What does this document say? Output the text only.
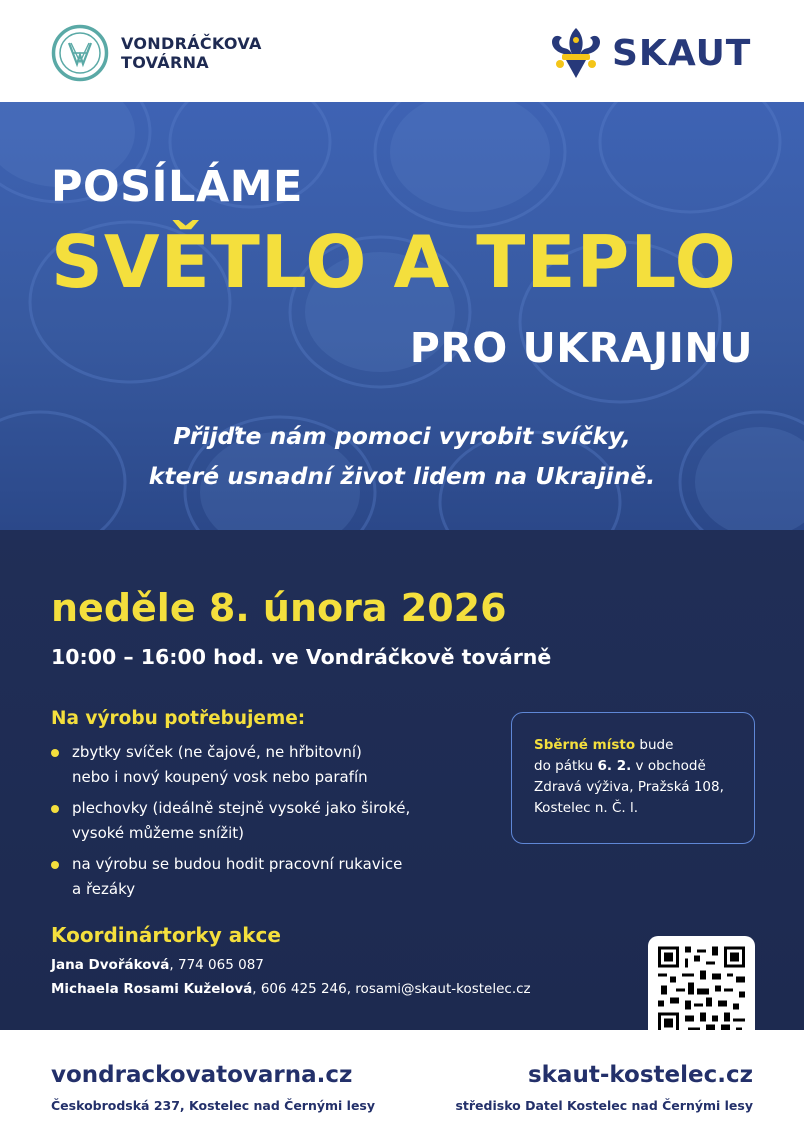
VONDRÁČKOVA
TOVÁRNA	SKAUT
POSÍLÁME
SVĚTLO A TEPLO
PRO UKRAJINU
Přijďte nám pomoci vyrobit svíčky,
které usnadní život lidem na Ukrajině.
neděle 8. února 2026
10:00 – 16:00 hod. ve Vondráčkově továrně
Na výrobu potřebujeme:
zbytky svíček (ne čajové, ne hřbitovní)
nebo i nový koupený vosk nebo parafín
plechovky (ideálně stejně vysoké jako široké,
vysoké můžeme snížit)
na výrobu se budou hodit pracovní rukavice
a řezáky
Sběrné místo bude
do pátku 6. 2. v obchodě
Zdravá výživa, Pražská 108,
Kostelec n. Č. l.
Koordinártorky akce
Jana Dvořáková, 774 065 087
Michaela Rosami Kuželová, 606 425 246, rosami@skaut-kostelec.cz
vondrackovatovarna.cz
Českobrodská 237, Kostelec nad Černými lesy
skaut-kostelec.cz
středisko Datel Kostelec nad Černými lesy
